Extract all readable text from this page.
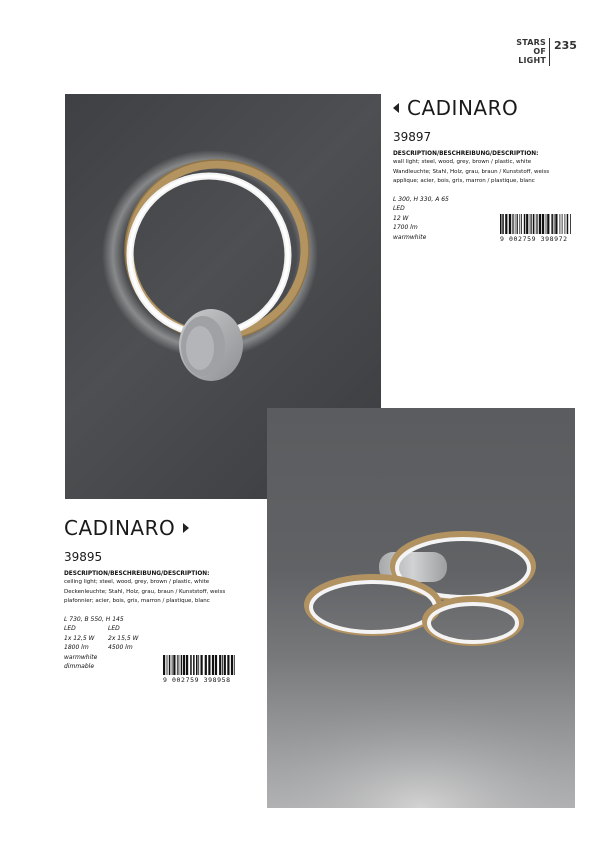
STARS
OF
LIGHT
235
CADINARO
39897
DESCRIPTION/BESCHREIBUNG/DESCRIPTION:
wall light; steel, wood, grey, brown / plastic, white
Wandleuchte; Stahl, Holz, grau, braun / Kunststoff, weiss
applique; acier, bois, gris, marron / plastique, blanc
L 300, H 330, A 65
LED
12 W
1700 lm
warmwhite	9 002759 398972
CADINARO
39895
DESCRIPTION/BESCHREIBUNG/DESCRIPTION:
ceiling light; steel, wood, grey, brown / plastic, white
Deckenleuchte; Stahl, Holz, grau, braun / Kunststoff, weiss
plafonnier; acier, bois, gris, marron / plastique, blanc
L 730, B 550, H 145
LED
1x 12,5 W
1800 lm
warmwhite
dimmable
LED
2x 15,5 W
4500 lm
9 002759 398958
